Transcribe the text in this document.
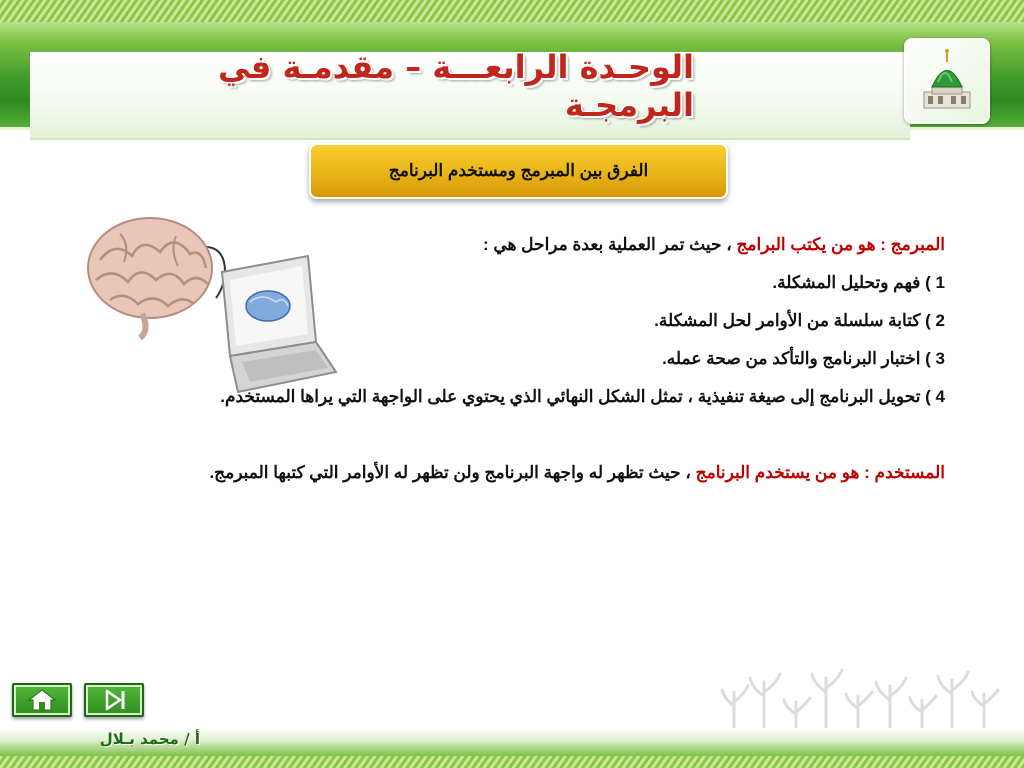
الوحـدة الرابعـــة – مقدمـة في البرمجـة
الفرق بين المبرمج ومستخدم البرنامج

المبرمج : هو من يكتب البرامج ، حيث تمر العملية بعدة مراحل هي :

1 ) فهم وتحليل المشكلة.

2 ) كتابة سلسلة من الأوامر لحل المشكلة.

3 ) اختبار البرنامج والتأكد من صحة عمله.

4 ) تحويل البرنامج إلى صيغة تنفيذية ، تمثل الشكل النهائي الذي يحتوي على الواجهة التي يراها المستخدم.

المستخدم : هو من يستخدم البرنامج ، حيث تظهر له واجهة البرنامج ولن تظهر له الأوامر التي كتبها المبرمج.

أ / محمد بـلال
